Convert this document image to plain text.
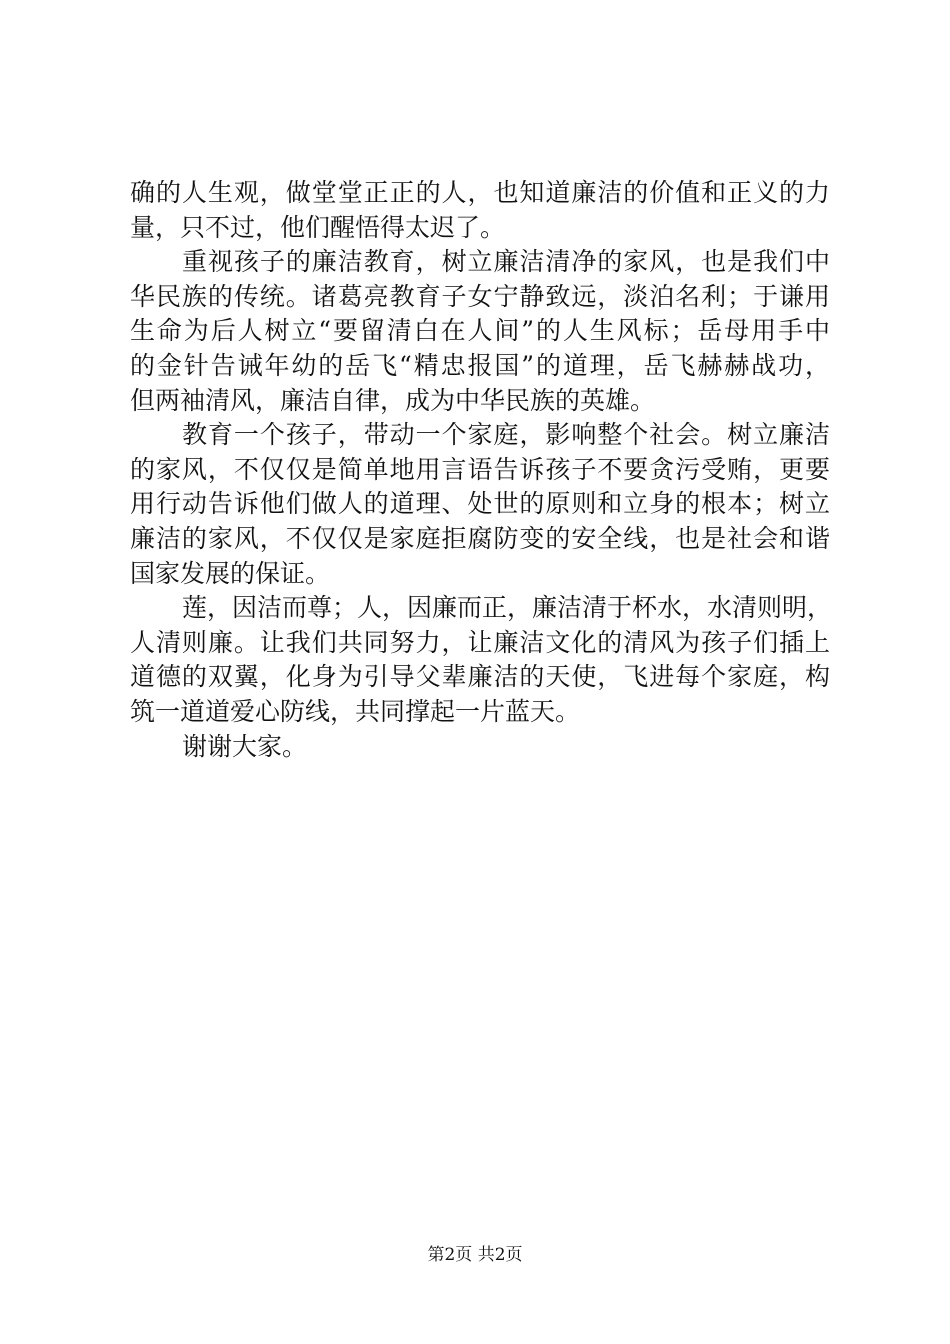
确的人生观，做堂堂正正的人，也知道廉洁的价值和正义的力
量，只不过，他们醒悟得太迟了。
重视孩子的廉洁教育，树立廉洁清净的家风，也是我们中
华民族的传统。诸葛亮教育子女宁静致远，淡泊名利；于谦用
生命为后人树立“要留清白在人间”的人生风标；岳母用手中
的金针告诫年幼的岳飞“精忠报国”的道理，岳飞赫赫战功，
但两袖清风，廉洁自律，成为中华民族的英雄。
教育一个孩子，带动一个家庭，影响整个社会。树立廉洁
的家风，不仅仅是简单地用言语告诉孩子不要贪污受贿，更要
用行动告诉他们做人的道理、处世的原则和立身的根本；树立
廉洁的家风，不仅仅是家庭拒腐防变的安全线，也是社会和谐
国家发展的保证。
莲，因洁而尊；人，因廉而正，廉洁清于杯水，水清则明，
人清则廉。让我们共同努力，让廉洁文化的清风为孩子们插上
道德的双翼，化身为引导父辈廉洁的天使，飞进每个家庭，构
筑一道道爱心防线，共同撑起一片蓝天。
谢谢大家。
第2页 共2页
